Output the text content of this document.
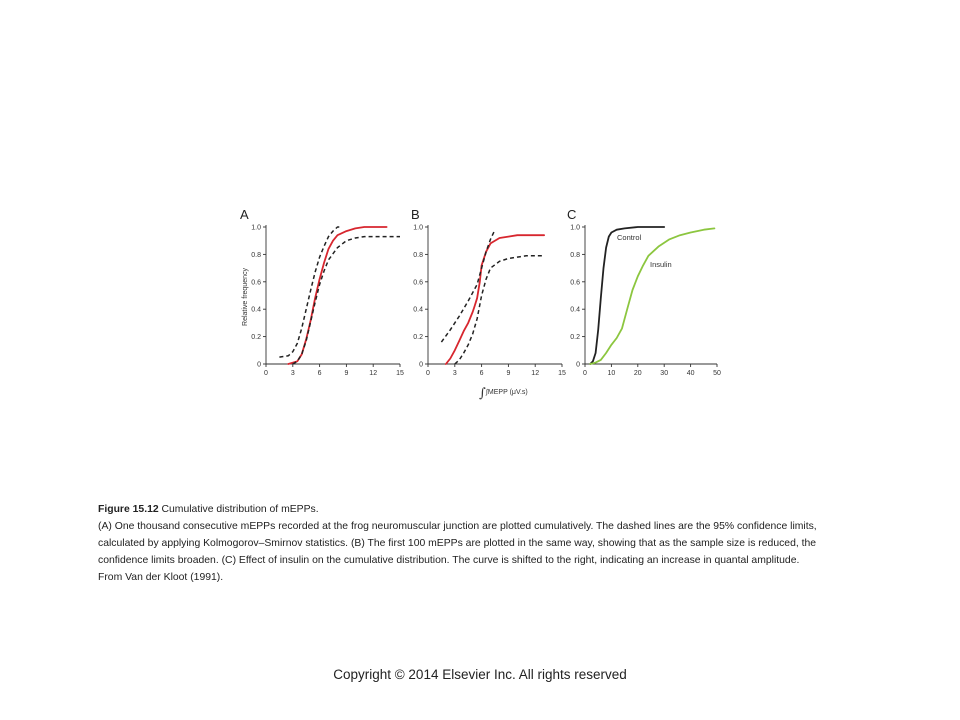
A	B	C
Relative frequency
∫ ∫MEPP (μV.s)
Control
Insulin
0
0.2
0.4
0.6
0.8
1.0
0	3	6	9	12	15
0
0.2
0.4
0.6
0.8
1.0
0	3	6	9	12	15
0
0.2
0.4
0.6
0.8
1.0
0	10	20	30	40	50

Figure 15.12 Cumulative distribution of mEPPs.

(A) One thousand consecutive mEPPs recorded at the frog neuromuscular junction are plotted cumulatively. The dashed lines are the 95% confidence limits, calculated by applying Kolmogorov–Smirnov statistics. (B) The first 100 mEPPs are plotted in the same way, showing that as the sample size is reduced, the confidence limits broaden. (C) Effect of insulin on the cumulative distribution. The curve is shifted to the right, indicating an increase in quantal amplitude.

From Van der Kloot (1991).

Copyright © 2014 Elsevier Inc. All rights reserved
